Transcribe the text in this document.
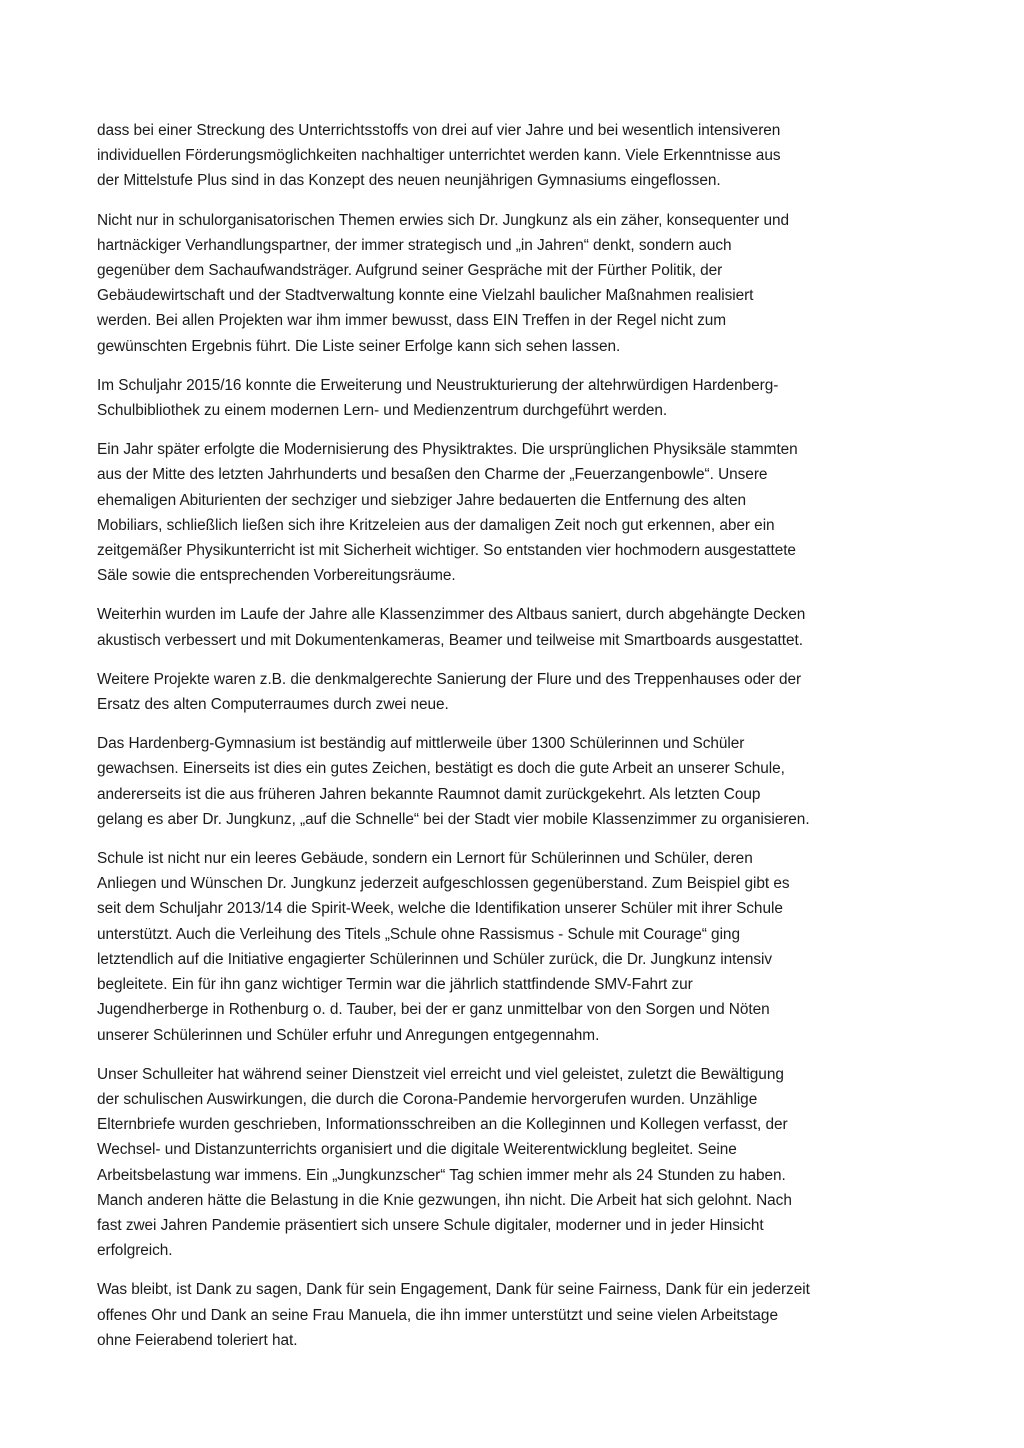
dass bei einer Streckung des Unterrichtsstoffs von drei auf vier Jahre und bei wesentlich intensiveren
individuellen Förderungsmöglichkeiten nachhaltiger unterrichtet werden kann. Viele Erkenntnisse aus
der Mittelstufe Plus sind in das Konzept des neuen neunjährigen Gymnasiums eingeflossen.

Nicht nur in schulorganisatorischen Themen erwies sich Dr. Jungkunz als ein zäher, konsequenter und
hartnäckiger Verhandlungspartner, der immer strategisch und „in Jahren“ denkt, sondern auch
gegenüber dem Sachaufwandsträger. Aufgrund seiner Gespräche mit der Fürther Politik, der
Gebäudewirtschaft und der Stadtverwaltung konnte eine Vielzahl baulicher Maßnahmen realisiert
werden. Bei allen Projekten war ihm immer bewusst, dass EIN Treffen in der Regel nicht zum
gewünschten Ergebnis führt. Die Liste seiner Erfolge kann sich sehen lassen.

Im Schuljahr 2015/16 konnte die Erweiterung und Neustrukturierung der altehrwürdigen Hardenberg-
Schulbibliothek zu einem modernen Lern- und Medienzentrum durchgeführt werden.

Ein Jahr später erfolgte die Modernisierung des Physiktraktes. Die ursprünglichen Physiksäle stammten
aus der Mitte des letzten Jahrhunderts und besaßen den Charme der „Feuerzangenbowle“. Unsere
ehemaligen Abiturienten der sechziger und siebziger Jahre bedauerten die Entfernung des alten
Mobiliars, schließlich ließen sich ihre Kritzeleien aus der damaligen Zeit noch gut erkennen, aber ein
zeitgemäßer Physikunterricht ist mit Sicherheit wichtiger. So entstanden vier hochmodern ausgestattete
Säle sowie die entsprechenden Vorbereitungsräume.

Weiterhin wurden im Laufe der Jahre alle Klassenzimmer des Altbaus saniert, durch abgehängte Decken
akustisch verbessert und mit Dokumentenkameras, Beamer und teilweise mit Smartboards ausgestattet.

Weitere Projekte waren z.B. die denkmalgerechte Sanierung der Flure und des Treppenhauses oder der
Ersatz des alten Computerraumes durch zwei neue.

Das Hardenberg-Gymnasium ist beständig auf mittlerweile über 1300 Schülerinnen und Schüler
gewachsen. Einerseits ist dies ein gutes Zeichen, bestätigt es doch die gute Arbeit an unserer Schule,
andererseits ist die aus früheren Jahren bekannte Raumnot damit zurückgekehrt. Als letzten Coup
gelang es aber Dr. Jungkunz, „auf die Schnelle“ bei der Stadt vier mobile Klassenzimmer zu organisieren.

Schule ist nicht nur ein leeres Gebäude, sondern ein Lernort für Schülerinnen und Schüler, deren
Anliegen und Wünschen Dr. Jungkunz jederzeit aufgeschlossen gegenüberstand. Zum Beispiel gibt es
seit dem Schuljahr 2013/14 die Spirit-Week, welche die Identifikation unserer Schüler mit ihrer Schule
unterstützt. Auch die Verleihung des Titels „Schule ohne Rassismus - Schule mit Courage“ ging
letztendlich auf die Initiative engagierter Schülerinnen und Schüler zurück, die Dr. Jungkunz intensiv
begleitete. Ein für ihn ganz wichtiger Termin war die jährlich stattfindende SMV-Fahrt zur
Jugendherberge in Rothenburg o. d. Tauber, bei der er ganz unmittelbar von den Sorgen und Nöten
unserer Schülerinnen und Schüler erfuhr und Anregungen entgegennahm.

Unser Schulleiter hat während seiner Dienstzeit viel erreicht und viel geleistet, zuletzt die Bewältigung
der schulischen Auswirkungen, die durch die Corona-Pandemie hervorgerufen wurden. Unzählige
Elternbriefe wurden geschrieben, Informationsschreiben an die Kolleginnen und Kollegen verfasst, der
Wechsel- und Distanzunterrichts organisiert und die digitale Weiterentwicklung begleitet. Seine
Arbeitsbelastung war immens. Ein „Jungkunzscher“ Tag schien immer mehr als 24 Stunden zu haben.
Manch anderen hätte die Belastung in die Knie gezwungen, ihn nicht. Die Arbeit hat sich gelohnt. Nach
fast zwei Jahren Pandemie präsentiert sich unsere Schule digitaler, moderner und in jeder Hinsicht
erfolgreich.

Was bleibt, ist Dank zu sagen, Dank für sein Engagement, Dank für seine Fairness, Dank für ein jederzeit
offenes Ohr und Dank an seine Frau Manuela, die ihn immer unterstützt und seine vielen Arbeitstage
ohne Feierabend toleriert hat.
